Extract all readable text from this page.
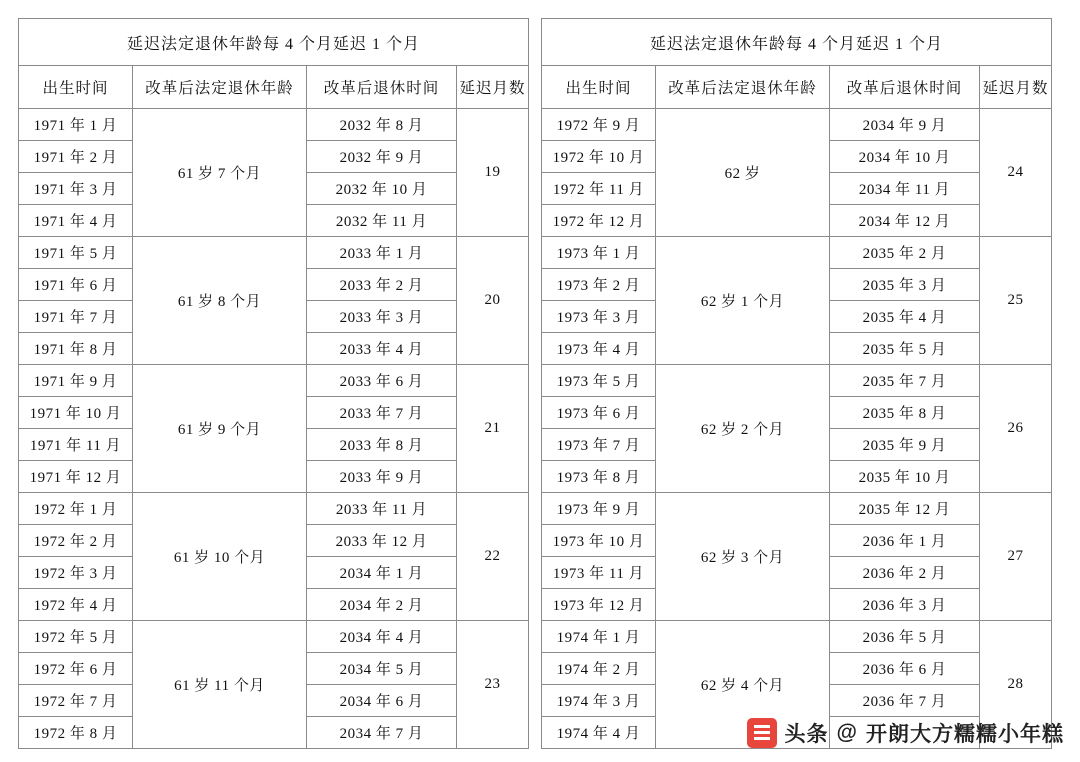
延迟法定退休年龄每 4 个月延迟 1 个月			
出生时间	改革后法定退休年龄	改革后退休时间	延迟月数
1971 年 1 月	61 岁 7 个月	2032 年 8 月	19
1971 年 2 月		2032 年 9 月	
1971 年 3 月		2032 年 10 月	
1971 年 4 月		2032 年 11 月	
1971 年 5 月	61 岁 8 个月	2033 年 1 月	20
1971 年 6 月		2033 年 2 月	
1971 年 7 月		2033 年 3 月	
1971 年 8 月		2033 年 4 月	
1971 年 9 月	61 岁 9 个月	2033 年 6 月	21
1971 年 10 月		2033 年 7 月	
1971 年 11 月		2033 年 8 月	
1971 年 12 月		2033 年 9 月	
1972 年 1 月	61 岁 10 个月	2033 年 11 月	22
1972 年 2 月		2033 年 12 月	
1972 年 3 月		2034 年 1 月	
1972 年 4 月		2034 年 2 月	
1972 年 5 月	61 岁 11 个月	2034 年 4 月	23
1972 年 6 月		2034 年 5 月	
1972 年 7 月		2034 年 6 月	
1972 年 8 月		2034 年 7 月	
延迟法定退休年龄每 4 个月延迟 1 个月			
出生时间	改革后法定退休年龄	改革后退休时间	延迟月数
1972 年 9 月	62 岁	2034 年 9 月	24
1972 年 10 月		2034 年 10 月	
1972 年 11 月		2034 年 11 月	
1972 年 12 月		2034 年 12 月	
1973 年 1 月	62 岁 1 个月	2035 年 2 月	25
1973 年 2 月		2035 年 3 月	
1973 年 3 月		2035 年 4 月	
1973 年 4 月		2035 年 5 月	
1973 年 5 月	62 岁 2 个月	2035 年 7 月	26
1973 年 6 月		2035 年 8 月	
1973 年 7 月		2035 年 9 月	
1973 年 8 月		2035 年 10 月	
1973 年 9 月	62 岁 3 个月	2035 年 12 月	27
1973 年 10 月		2036 年 1 月	
1973 年 11 月		2036 年 2 月	
1973 年 12 月		2036 年 3 月	
1974 年 1 月	62 岁 4 个月	2036 年 5 月	28
1974 年 2 月		2036 年 6 月	
1974 年 3 月		2036 年 7 月	
1974 年 4 月				头条 @ 开朗大方糯糯小年糕
